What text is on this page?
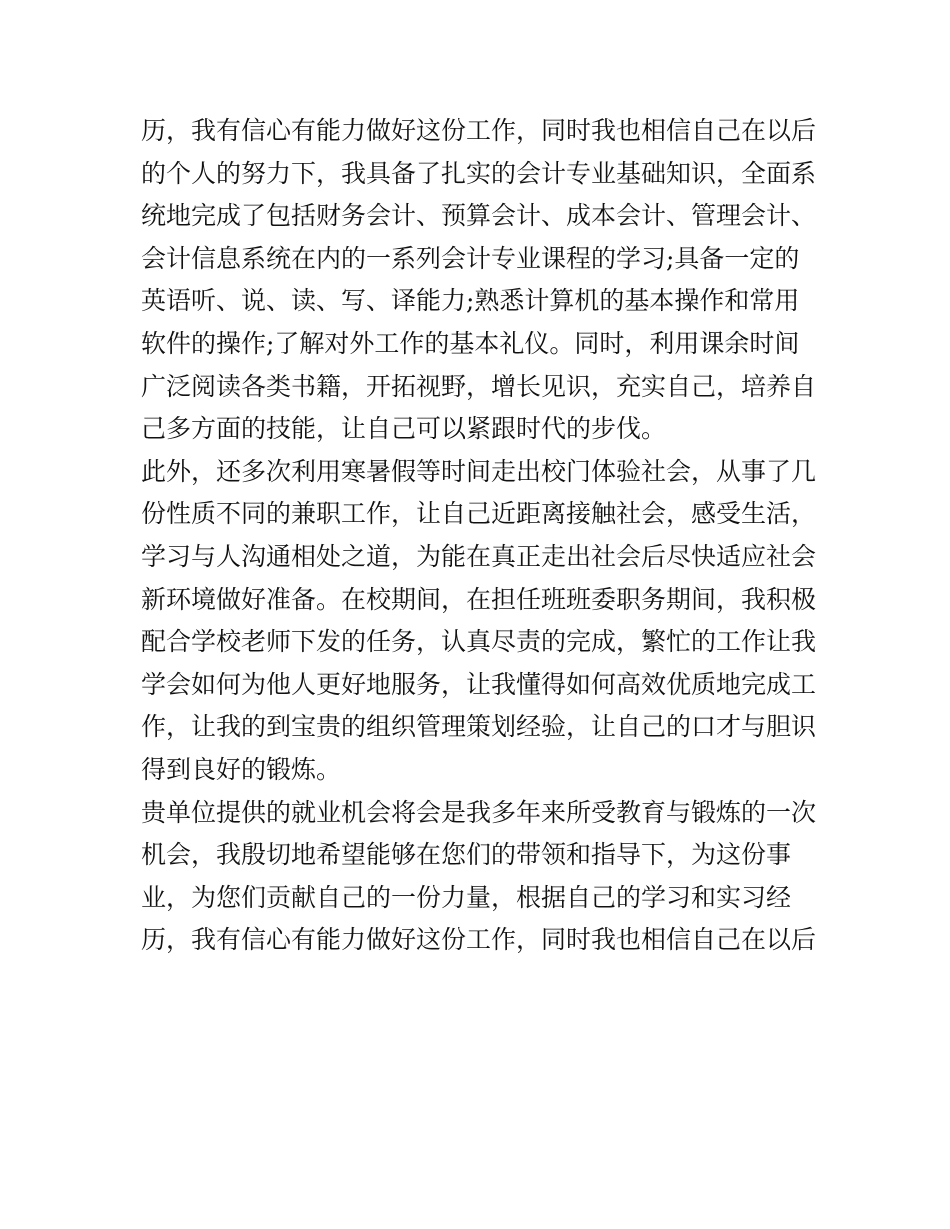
历，我有信心有能力做好这份工作，同时我也相信自己在以后
的个人的努力下，我具备了扎实的会计专业基础知识，全面系
统地完成了包括财务会计、预算会计、成本会计、管理会计、
会计信息系统在内的一系列会计专业课程的学习;具备一定的
英语听、说、读、写、译能力;熟悉计算机的基本操作和常用
软件的操作;了解对外工作的基本礼仪。同时，利用课余时间
广泛阅读各类书籍，开拓视野，增长见识，充实自己，培养自
己多方面的技能，让自己可以紧跟时代的步伐。
此外，还多次利用寒暑假等时间走出校门体验社会，从事了几
份性质不同的兼职工作，让自己近距离接触社会，感受生活，
学习与人沟通相处之道，为能在真正走出社会后尽快适应社会
新环境做好准备。在校期间，在担任班班委职务期间，我积极
配合学校老师下发的任务，认真尽责的完成，繁忙的工作让我
学会如何为他人更好地服务，让我懂得如何高效优质地完成工
作，让我的到宝贵的组织管理策划经验，让自己的口才与胆识
得到良好的锻炼。
贵单位提供的就业机会将会是我多年来所受教育与锻炼的一次
机会，我殷切地希望能够在您们的带领和指导下，为这份事
业，为您们贡献自己的一份力量，根据自己的学习和实习经
历，我有信心有能力做好这份工作，同时我也相信自己在以后
